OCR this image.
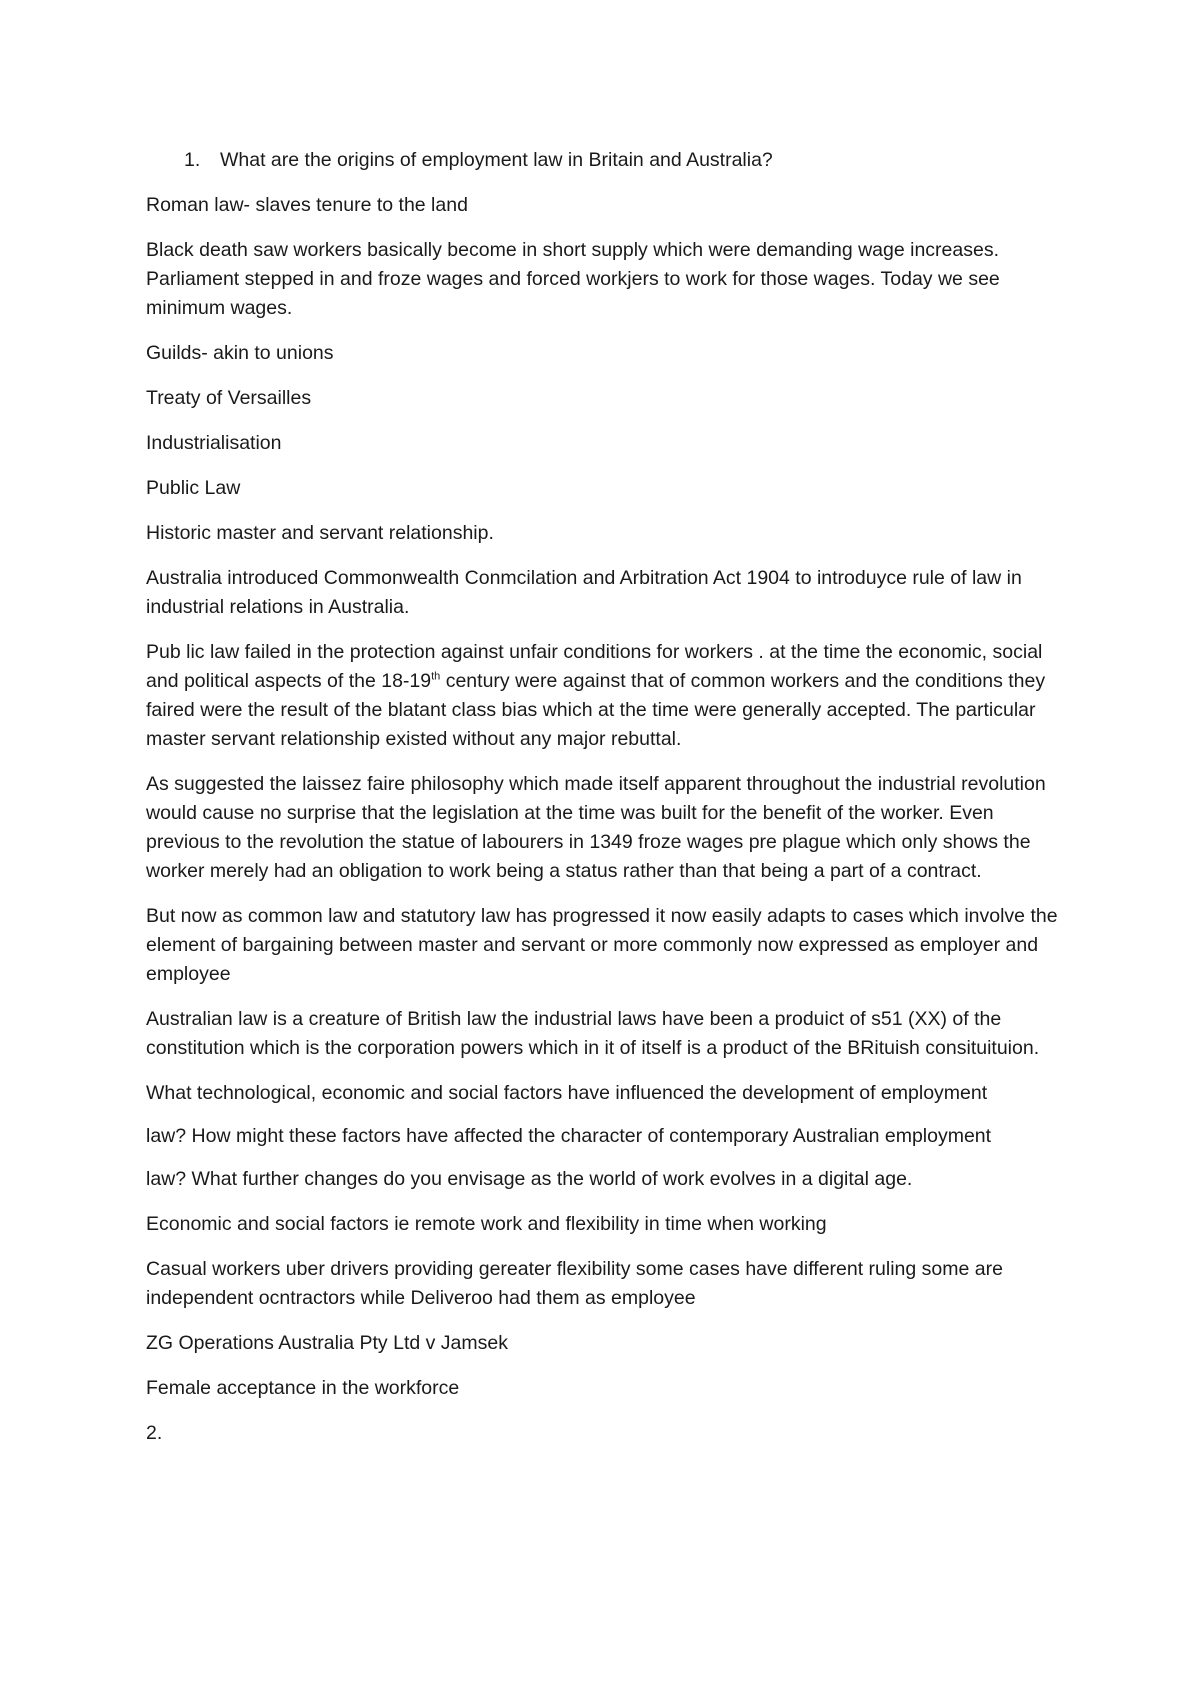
1.	What are the origins of employment law in Britain and Australia?

Roman law- slaves tenure to the land

Black death saw workers basically become in short supply which were demanding wage increases. Parliament stepped in and froze wages and forced workjers to work for those wages. Today we see minimum wages.

Guilds- akin to unions

Treaty of Versailles

Industrialisation

Public Law

Historic master and servant relationship.

Australia introduced Commonwealth Conmcilation and Arbitration Act 1904 to introduyce rule of law in industrial relations in Australia.

Pub lic law failed in the protection against unfair conditions for workers . at the time the economic, social and political aspects of the 18-19th century were against that of common workers and the conditions they faired were the result of the blatant class bias which at the time were generally accepted. The particular master servant relationship existed without any major rebuttal.

As suggested the laissez faire philosophy which made itself apparent throughout the industrial revolution would cause no surprise that the legislation at the time was built for the benefit of the worker. Even previous to the revolution the statue of labourers in 1349 froze wages pre plague which only shows the worker merely had an obligation to work being a status rather than that being a part of a contract.

But now as common law and statutory law has progressed it now easily adapts to cases which involve the element of bargaining between master and servant or more commonly now expressed as employer and employee

Australian law is a creature of British law the industrial laws have been a produict of s51 (XX) of the constitution which is the corporation powers which in it of itself is a product of the BRituish consituituion.

What technological, economic and social factors have influenced the development of employment

law? How might these factors have affected the character of contemporary Australian employment

law? What further changes do you envisage as the world of work evolves in a digital age.

Economic and social factors ie remote work and flexibility in time when working

Casual workers uber drivers providing gereater flexibility some cases have different ruling some are independent ocntractors while Deliveroo had them as employee

ZG Operations Australia Pty Ltd v Jamsek

Female acceptance in the workforce

2.
